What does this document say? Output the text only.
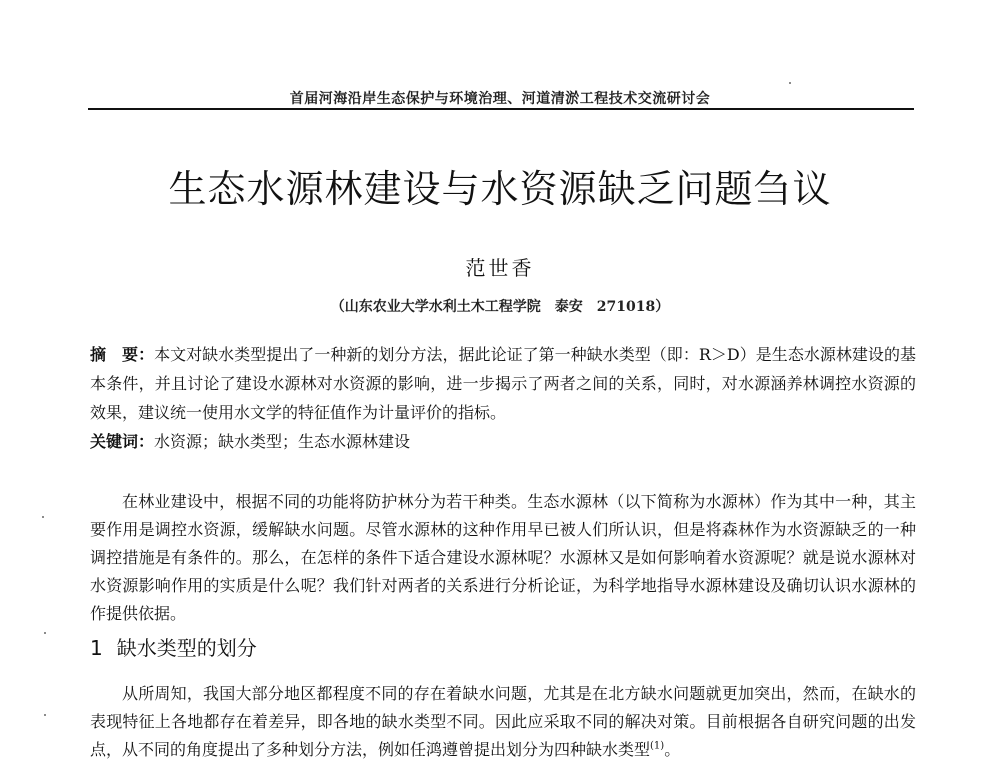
首届河海沿岸生态保护与环境治理、河道清淤工程技术交流研讨会
生态水源林建设与水资源缺乏问题刍议
范世香
（山东农业大学水利土木工程学院　泰安　271018）
摘　要：本文对缺水类型提出了一种新的划分方法，据此论证了第一种缺水类型（即：R＞D）是生态水源林建设的基本条件，并且讨论了建设水源林对水资源的影响，进一步揭示了两者之间的关系，同时，对水源涵养林调控水资源的效果，建议统一使用水文学的特征值作为计量评价的指标。
关键词：水资源；缺水类型；生态水源林建设
在林业建设中，根据不同的功能将防护林分为若干种类。生态水源林（以下简称为水源林）作为其中一种，其主要作用是调控水资源，缓解缺水问题。尽管水源林的这种作用早已被人们所认识，但是将森林作为水资源缺乏的一种调控措施是有条件的。那么，在怎样的条件下适合建设水源林呢？水源林又是如何影响着水资源呢？就是说水源林对水资源影响作用的实质是什么呢？我们针对两者的关系进行分析论证，为科学地指导水源林建设及确切认识水源林的作提供依据。
1 缺水类型的划分
从所周知，我国大部分地区都程度不同的存在着缺水问题，尤其是在北方缺水问题就更加突出，然而，在缺水的表现特征上各地都存在着差异，即各地的缺水类型不同。因此应采取不同的解决对策。目前根据各自研究问题的出发点，从不同的角度提出了多种划分方法，例如任鸿遵曾提出划分为四种缺水类型$^{(1)}$。
